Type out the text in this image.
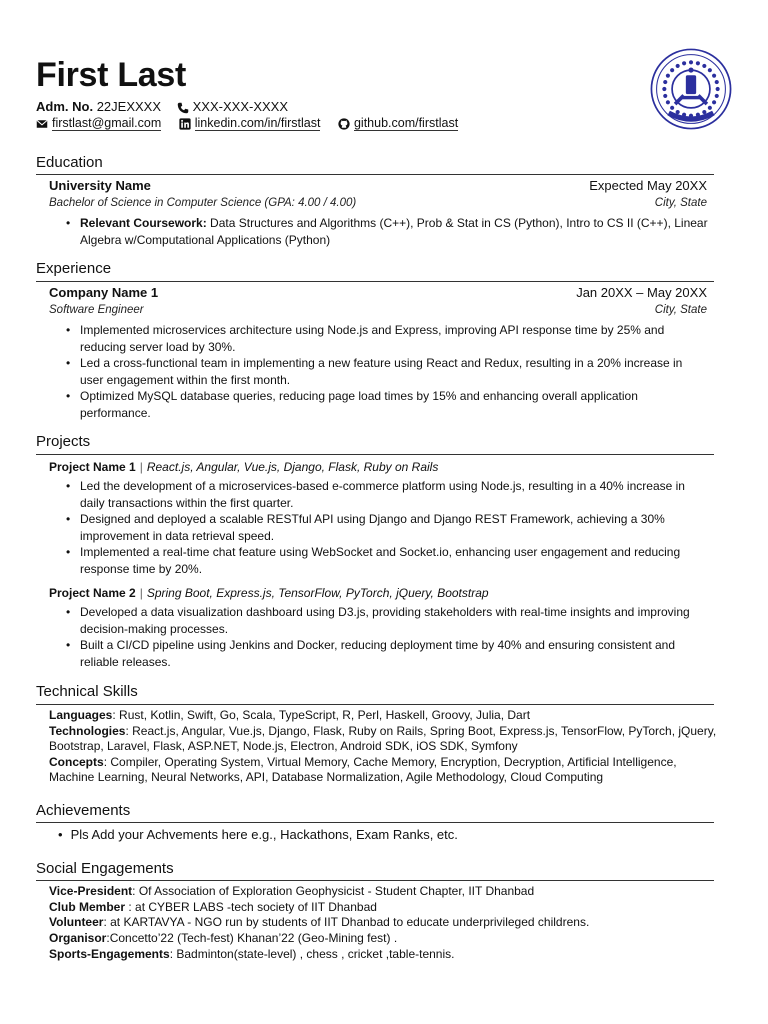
First Last
Adm. No. 22JEXXXX XXX-XXX-XXXX
firstlast@gmail.com
	linkedin.com/in/firstlast
	github.com/firstlast
Education
University Name	Expected May 20XX
Bachelor of Science in Computer Science (GPA: 4.00 / 4.00)	City, State
• Relevant Coursework: Data Structures and Algorithms (C++), Prob & Stat in CS (Python), Intro to CS II (C++), Linear
Algebra w/Computational Applications (Python)
Experience
Company Name 1	Jan 20XX – May 20XX
Software Engineer	City, State
• Implemented microservices architecture using Node.js and Express, improving API response time by 25% and
reducing server load by 30%.
• Led a cross-functional team in implementing a new feature using React and Redux, resulting in a 20% increase in
user engagement within the first month.
• Optimized MySQL database queries, reducing page load times by 15% and enhancing overall application
performance.
Projects
Project Name 1 | React.js, Angular, Vue.js, Django, Flask, Ruby on Rails
• Led the development of a microservices-based e-commerce platform using Node.js, resulting in a 40% increase in
daily transactions within the first quarter.
• Designed and deployed a scalable RESTful API using Django and Django REST Framework, achieving a 30%
improvement in data retrieval speed.
• Implemented a real-time chat feature using WebSocket and Socket.io, enhancing user engagement and reducing
response time by 20%.
Project Name 2 | Spring Boot, Express.js, TensorFlow, PyTorch, jQuery, Bootstrap
• Developed a data visualization dashboard using D3.js, providing stakeholders with real-time insights and improving
decision-making processes.
• Built a CI/CD pipeline using Jenkins and Docker, reducing deployment time by 40% and ensuring consistent and
reliable releases.
Technical Skills

Languages: Rust, Kotlin, Swift, Go, Scala, TypeScript, R, Perl, Haskell, Groovy, Julia, Dart

Technologies: React.js, Angular, Vue.js, Django, Flask, Ruby on Rails, Spring Boot, Express.js, TensorFlow, PyTorch, jQuery,
Bootstrap, Laravel, Flask, ASP.NET, Node.js, Electron, Android SDK, iOS SDK, Symfony

Concepts: Compiler, Operating System, Virtual Memory, Cache Memory, Encryption, Decryption, Artificial Intelligence,
Machine Learning, Neural Networks, API, Database Normalization, Agile Methodology, Cloud Computing

Achievements
• Pls Add your Achvements here e.g., Hackathons, Exam Ranks, etc.
Social Engagements

Vice-President: Of Association of Exploration Geophysicist - Student Chapter, IIT Dhanbad

Club Member : at CYBER LABS -tech society of IIT Dhanbad

Volunteer: at KARTAVYA - NGO run by students of IIT Dhanbad to educate underprivileged childrens.

Organisor:Concetto’22 (Tech-fest) Khanan’22 (Geo-Mining fest) .

Sports-Engagements: Badminton(state-level) , chess , cricket ,table-tennis.
